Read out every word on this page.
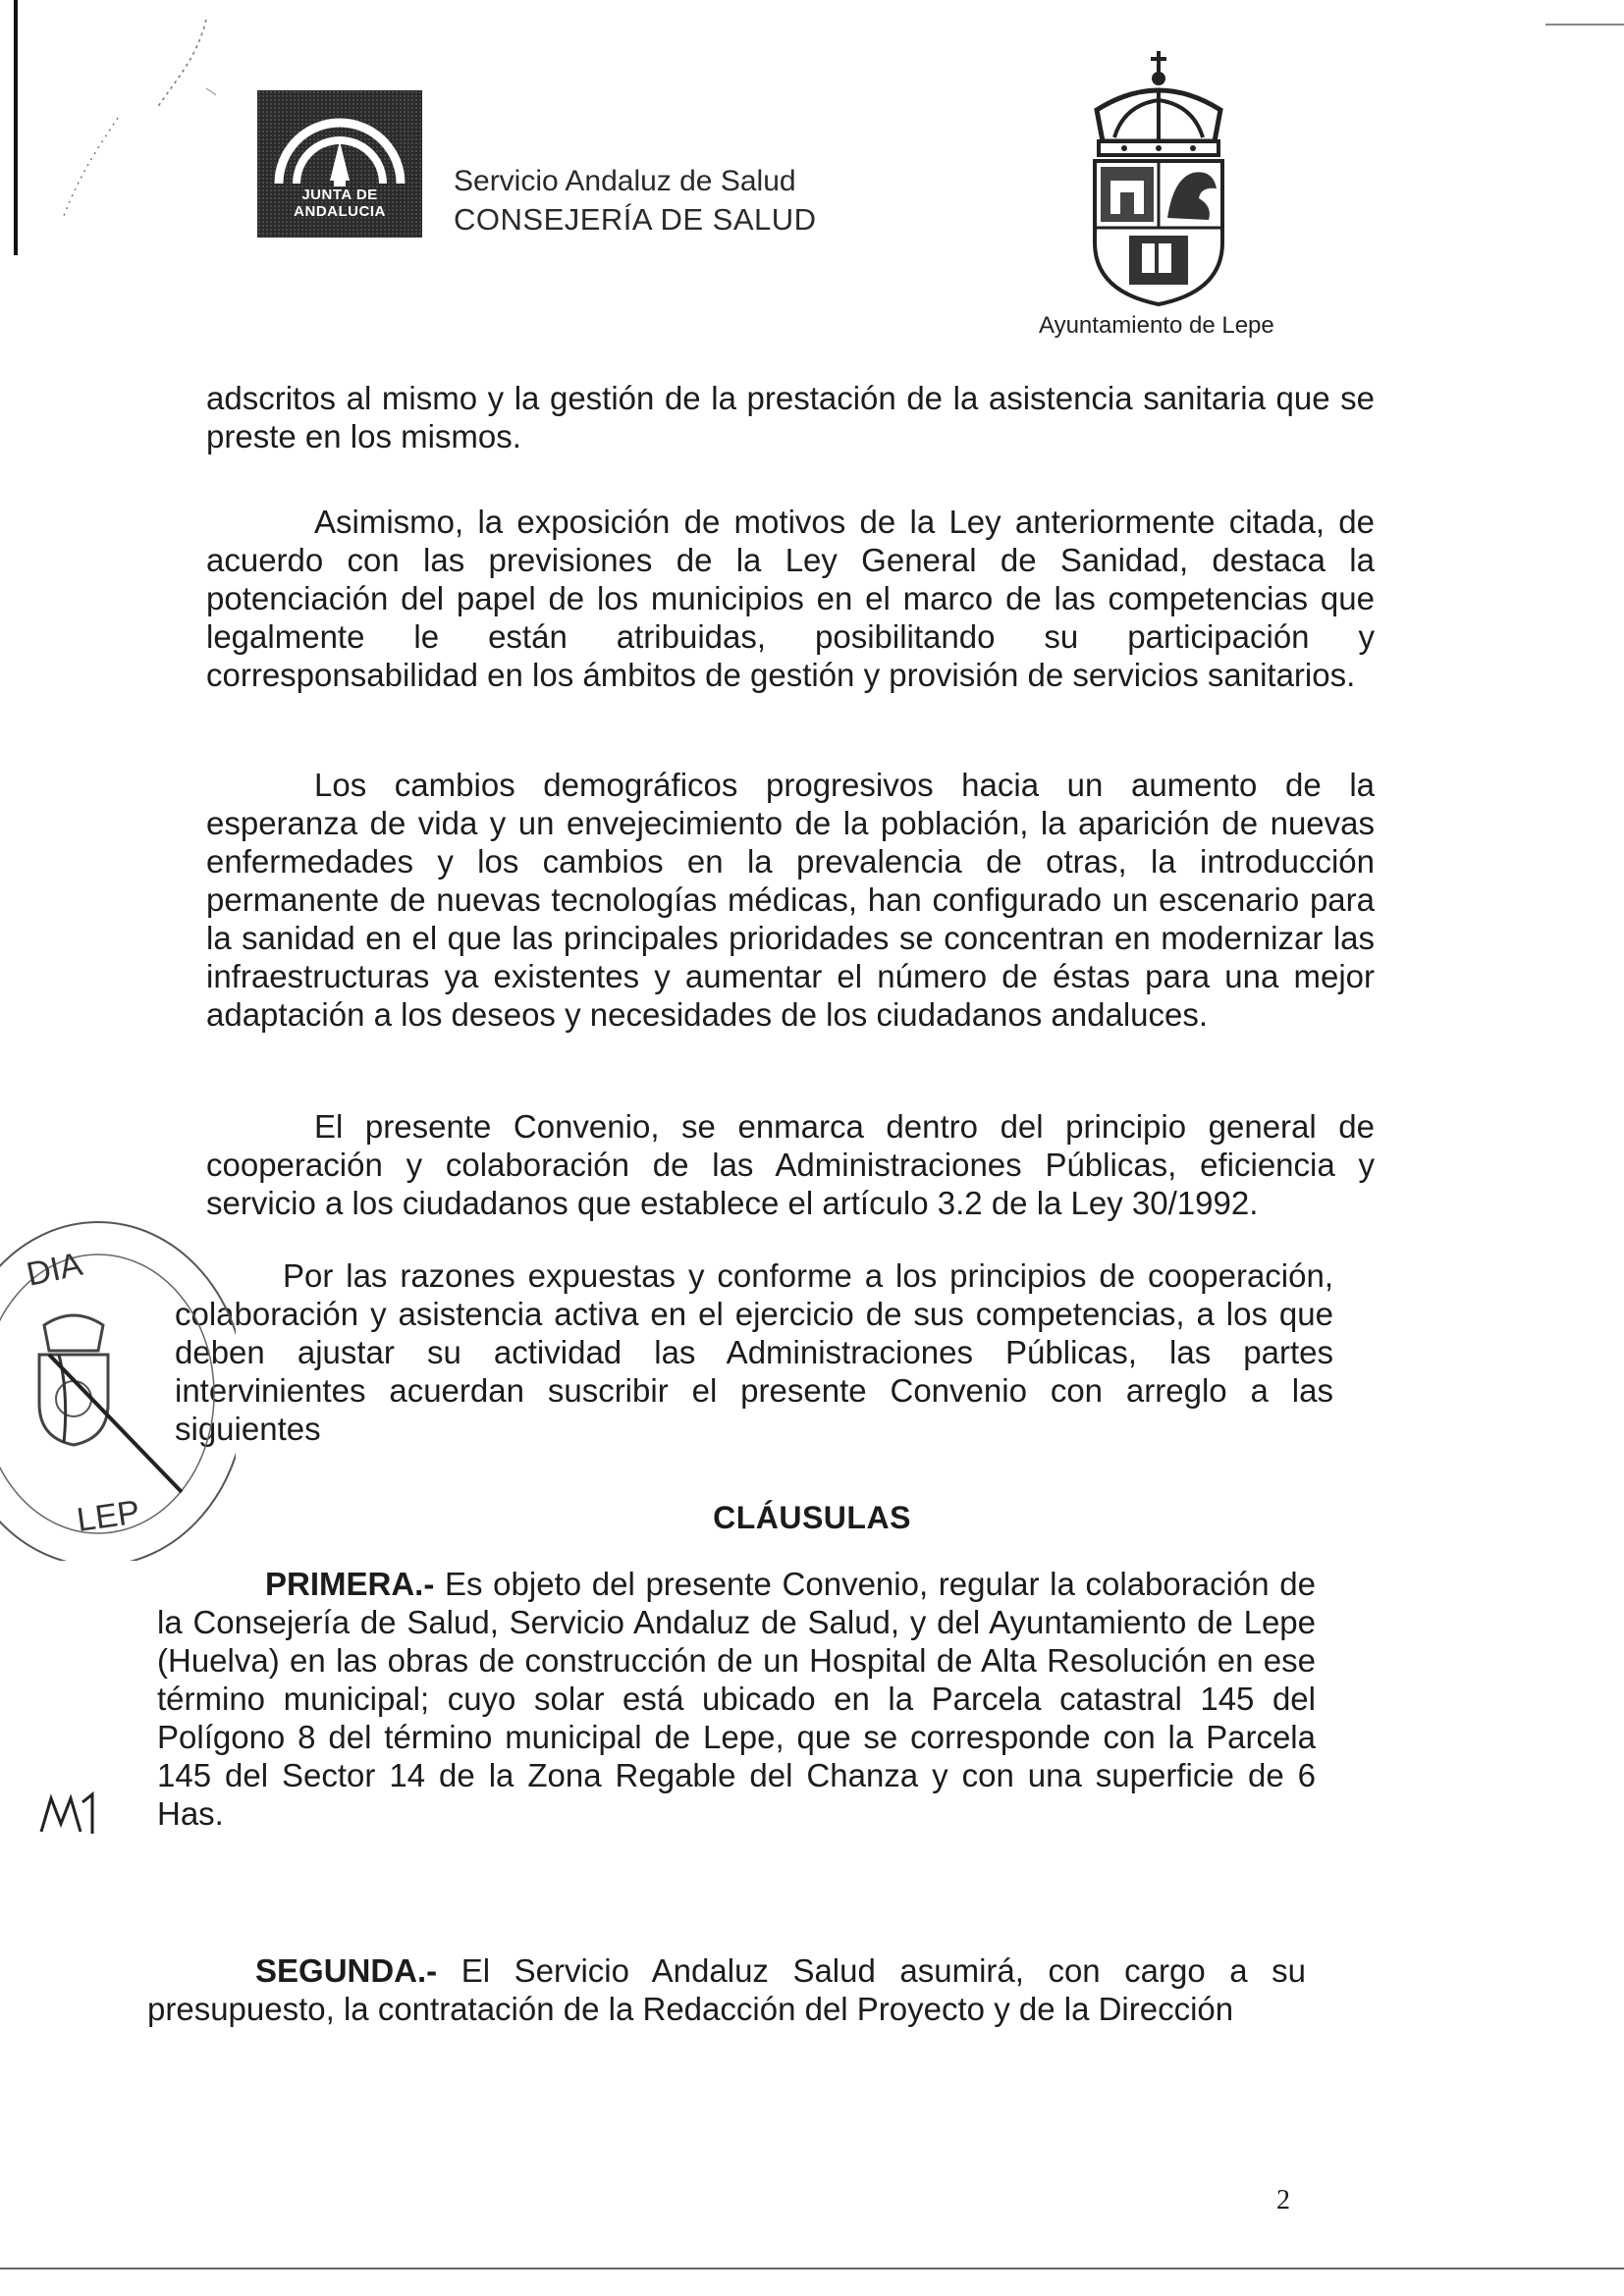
JUNTA DE ANDALUCIA
Servicio Andaluz de Salud
CONSEJERÍA DE SALUD
Ayuntamiento de Lepe
adscritos al mismo y la gestión de la prestación de la asistencia sanitaria que se preste en los mismos.
Asimismo, la exposición de motivos de la Ley anteriormente citada, de acuerdo con las previsiones de la Ley General de Sanidad, destaca la potenciación del papel de los municipios en el marco de las competencias que legalmente le están atribuidas, posibilitando su participación y corresponsabilidad en los ámbitos de gestión y provisión de servicios sanitarios.
Los cambios demográficos progresivos hacia un aumento de la esperanza de vida y un envejecimiento de la población, la aparición de nuevas enfermedades y los cambios en la prevalencia de otras, la introducción permanente de nuevas tecnologías médicas, han configurado un escenario para la sanidad en el que las principales prioridades se concentran en modernizar las infraestructuras ya existentes y aumentar el número de éstas para una mejor adaptación a los deseos y necesidades de los ciudadanos andaluces.
El presente Convenio, se enmarca dentro del principio general de cooperación y colaboración de las Administraciones Públicas, eficiencia y servicio a los ciudadanos que establece el artículo 3.2 de la Ley 30/1992.
Por las razones expuestas y conforme a los principios de cooperación, colaboración y asistencia activa en el ejercicio de sus competencias, a los que deben ajustar su actividad las Administraciones Públicas, las partes intervinientes acuerdan suscribir el presente Convenio con arreglo a las siguientes
CLÁUSULAS
PRIMERA.- Es objeto del presente Convenio, regular la colaboración de la Consejería de Salud, Servicio Andaluz de Salud, y del Ayuntamiento de Lepe (Huelva) en las obras de construcción de un Hospital de Alta Resolución en ese término municipal; cuyo solar está ubicado en la Parcela catastral 145 del Polígono 8 del término municipal de Lepe, que se corresponde con la Parcela 145 del Sector 14 de la Zona Regable del Chanza y con una superficie de 6 Has.
SEGUNDA.- El Servicio Andaluz Salud asumirá, con cargo a su presupuesto, la contratación de la Redacción del Proyecto y de la Dirección
DIA
LEP
2
